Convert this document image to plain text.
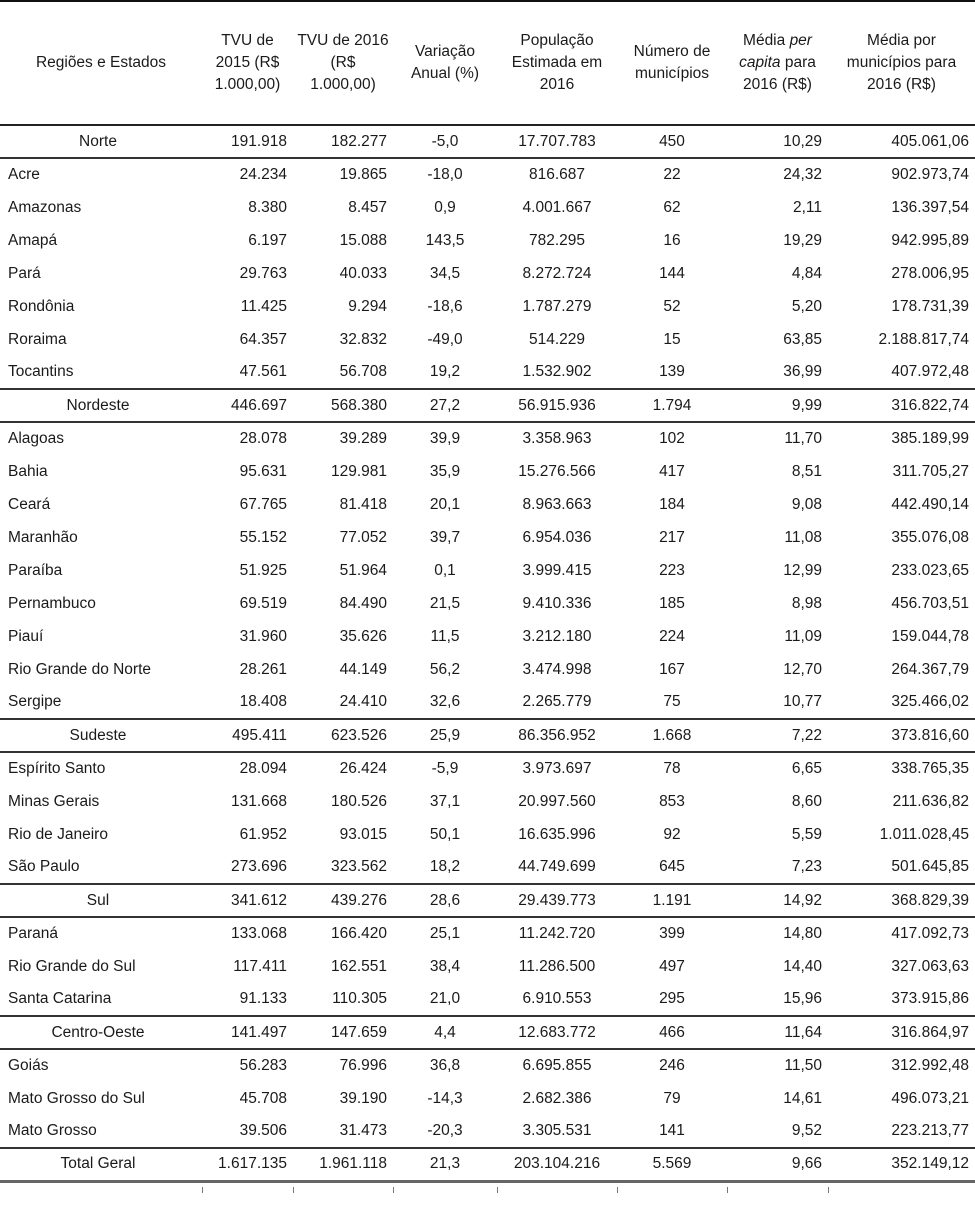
Regiões e Estados	TVU de 2015 (R$ 1.000,00)	TVU de 2016 (R$ 1.000,00)	Variação Anual (%)	População Estimada em 2016	Número de municípios	Média per capita para 2016 (R$)	Média por municípios para 2016 (R$)
Norte	191.918	182.277	-5,0	17.707.783	450	10,29	405.061,06
Acre	24.234	19.865	-18,0	816.687	22	24,32	902.973,74
Amazonas	8.380	8.457	0,9	4.001.667	62	2,11	136.397,54
Amapá	6.197	15.088	143,5	782.295	16	19,29	942.995,89
Pará	29.763	40.033	34,5	8.272.724	144	4,84	278.006,95
Rondônia	11.425	9.294	-18,6	1.787.279	52	5,20	178.731,39
Roraima	64.357	32.832	-49,0	514.229	15	63,85	2.188.817,74
Tocantins	47.561	56.708	19,2	1.532.902	139	36,99	407.972,48
Nordeste	446.697	568.380	27,2	56.915.936	1.794	9,99	316.822,74
Alagoas	28.078	39.289	39,9	3.358.963	102	11,70	385.189,99
Bahia	95.631	129.981	35,9	15.276.566	417	8,51	311.705,27
Ceará	67.765	81.418	20,1	8.963.663	184	9,08	442.490,14
Maranhão	55.152	77.052	39,7	6.954.036	217	11,08	355.076,08
Paraíba	51.925	51.964	0,1	3.999.415	223	12,99	233.023,65
Pernambuco	69.519	84.490	21,5	9.410.336	185	8,98	456.703,51
Piauí	31.960	35.626	11,5	3.212.180	224	11,09	159.044,78
Rio Grande do Norte	28.261	44.149	56,2	3.474.998	167	12,70	264.367,79
Sergipe	18.408	24.410	32,6	2.265.779	75	10,77	325.466,02
Sudeste	495.411	623.526	25,9	86.356.952	1.668	7,22	373.816,60
Espírito Santo	28.094	26.424	-5,9	3.973.697	78	6,65	338.765,35
Minas Gerais	131.668	180.526	37,1	20.997.560	853	8,60	211.636,82
Rio de Janeiro	61.952	93.015	50,1	16.635.996	92	5,59	1.011.028,45
São Paulo	273.696	323.562	18,2	44.749.699	645	7,23	501.645,85
Sul	341.612	439.276	28,6	29.439.773	1.191	14,92	368.829,39
Paraná	133.068	166.420	25,1	11.242.720	399	14,80	417.092,73
Rio Grande do Sul	117.411	162.551	38,4	11.286.500	497	14,40	327.063,63
Santa Catarina	91.133	110.305	21,0	6.910.553	295	15,96	373.915,86
Centro-Oeste	141.497	147.659	4,4	12.683.772	466	11,64	316.864,97
Goiás	56.283	76.996	36,8	6.695.855	246	11,50	312.992,48
Mato Grosso do Sul	45.708	39.190	-14,3	2.682.386	79	14,61	496.073,21
Mato Grosso	39.506	31.473	-20,3	3.305.531	141	9,52	223.213,77
Total Geral	1.617.135	1.961.118	21,3	203.104.216	5.569	9,66	352.149,12
